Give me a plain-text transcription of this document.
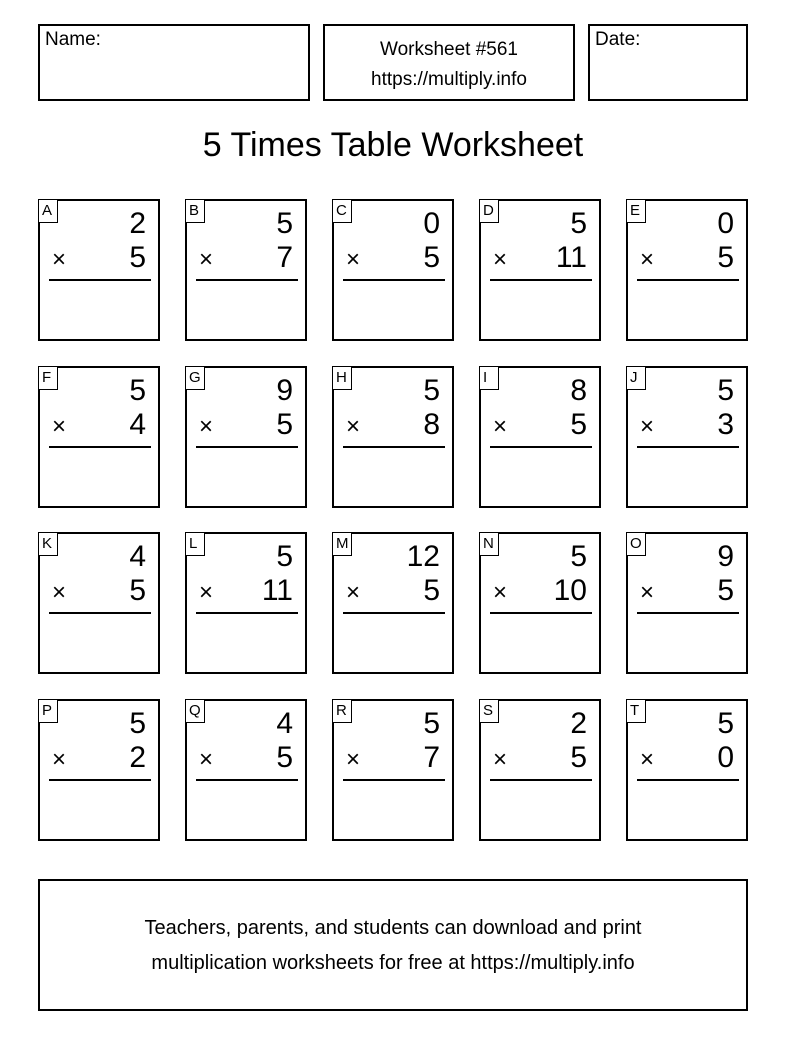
Name:	Worksheet #561
https://multiply.info
Date:
5 Times Table Worksheet
A	2
× 5
B	5
× 7
C	0
× 5
D	5
× 11
E	0
× 5
F	5
× 4
G	9
× 5
H	5
× 8
I	8
× 5
J	5
× 3
K	4
× 5
L	5
× 11
M 12
× 5
N	5
× 10
O	9
× 5
P	5
× 2
Q	4
× 5
R	5
× 7
S	2
× 5
T	5
× 0
Teachers, parents, and students can download and print
multiplication worksheets for free at https://multiply.info
